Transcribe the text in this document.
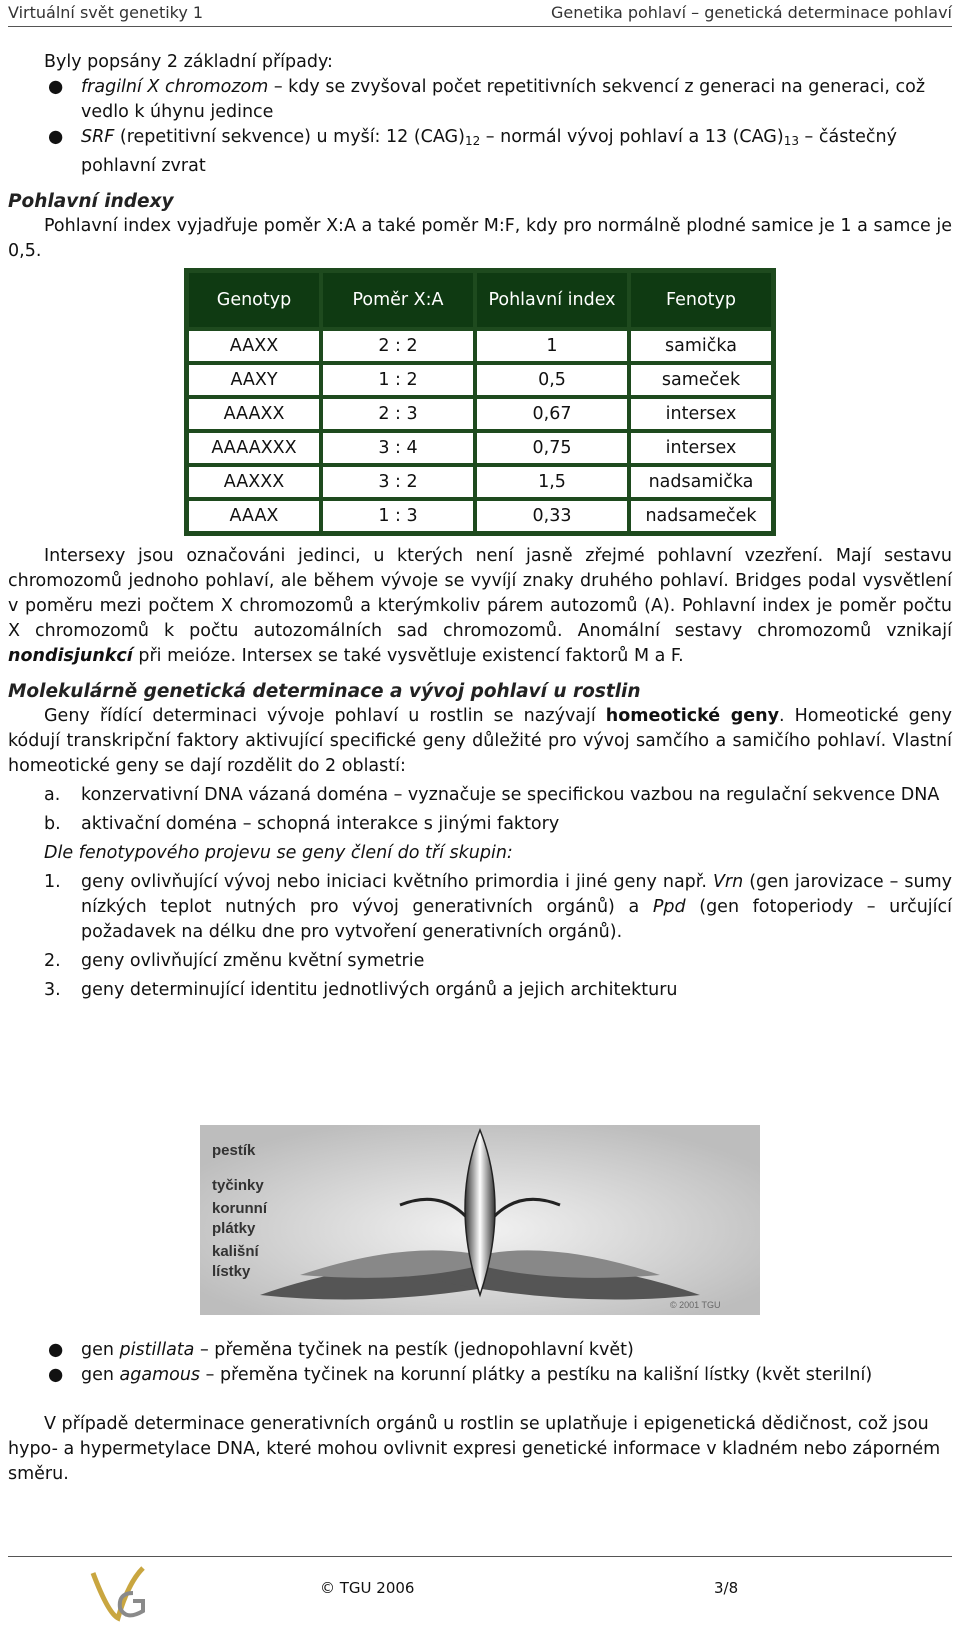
Virtuální svět genetiky 1	Genetika pohlaví – genetická determinace pohlaví

Byly popsány 2 základní případy:

● fragilní X chromozom – kdy se zvyšoval počet repetitivních sekvencí z generaci na generaci, což vedlo k úhynu jedince
● SRF (repetitivní sekvence) u myší: 12 $(CAG)_{12}$ – normál vývoj pohlaví a 13 $(CAG)_{13}$ – částečný pohlavní zvrat

Pohlavní indexy

Pohlavní index vyjadřuje poměr X:A a také poměr M:F, kdy pro normálně plodné samice je 1 a samce je 0,5.

Genotyp	Poměr X:A	Pohlavní index	Fenotyp
AAXX	2 : 2	1	samička
AAXY	1 : 2	0,5	sameček
AAAXX	2 : 3	0,67	intersex
AAAAXXX	3 : 4	0,75	intersex
AAXXX	3 : 2	1,5	nadsamička
AAAX	1 : 3	0,33	nadsameček

Intersexy jsou označováni jedinci, u kterých není jasně zřejmé pohlavní vzezření. Mají sestavu chromozomů jednoho pohlaví, ale během vývoje se vyvíjí znaky druhého pohlaví. Bridges podal vysvětlení v poměru mezi počtem X chromozomů a kterýmkoliv párem autozomů (A). Pohlavní index je poměr počtu X chromozomů k počtu autozomálních sad chromozomů. Anomální sestavy chromozomů vznikají nondisjunkcí při meióze. Intersex se také vysvětluje existencí faktorů M a F.

Molekulárně genetická determinace a vývoj pohlaví u rostlin

Geny řídící determinaci vývoje pohlaví u rostlin se nazývají homeotické geny. Homeotické geny kódují transkripční faktory aktivující specifické geny důležité pro vývoj samčího a samičího pohlaví. Vlastní homeotické geny se dají rozdělit do 2 oblastí:

a. konzervativní DNA vázaná doména – vyznačuje se specifickou vazbou na regulační sekvence DNA
b. aktivační doména – schopná interakce s jinými faktory

Dle fenotypového projevu se geny člení do tří skupin:

1. geny ovlivňující vývoj nebo iniciaci květního primordia i jiné geny např. Vrn (gen jarovizace – sumy nízkých teplot nutných pro vývoj generativních orgánů) a Ppd (gen fotoperiody – určující požadavek na délku dne pro vytvoření generativních orgánů).
2. geny ovlivňující změnu květní symetrie
3. geny determinující identitu jednotlivých orgánů a jejich architekturu
pestík
tyčinky
korunní
plátky
kališní
lístky
© 2001 TGU
● gen pistillata – přeměna tyčinek na pestík (jednopohlavní květ)
● gen agamous – přeměna tyčinek na korunní plátky a pestíku na kališní lístky (květ sterilní)

V případě determinace generativních orgánů u rostlin se uplatňuje i epigenetická dědičnost, což jsou hypo- a hypermetylace DNA, které mohou ovlivnit expresi genetické informace v kladném nebo záporném směru.

© TGU 2006	3/8
